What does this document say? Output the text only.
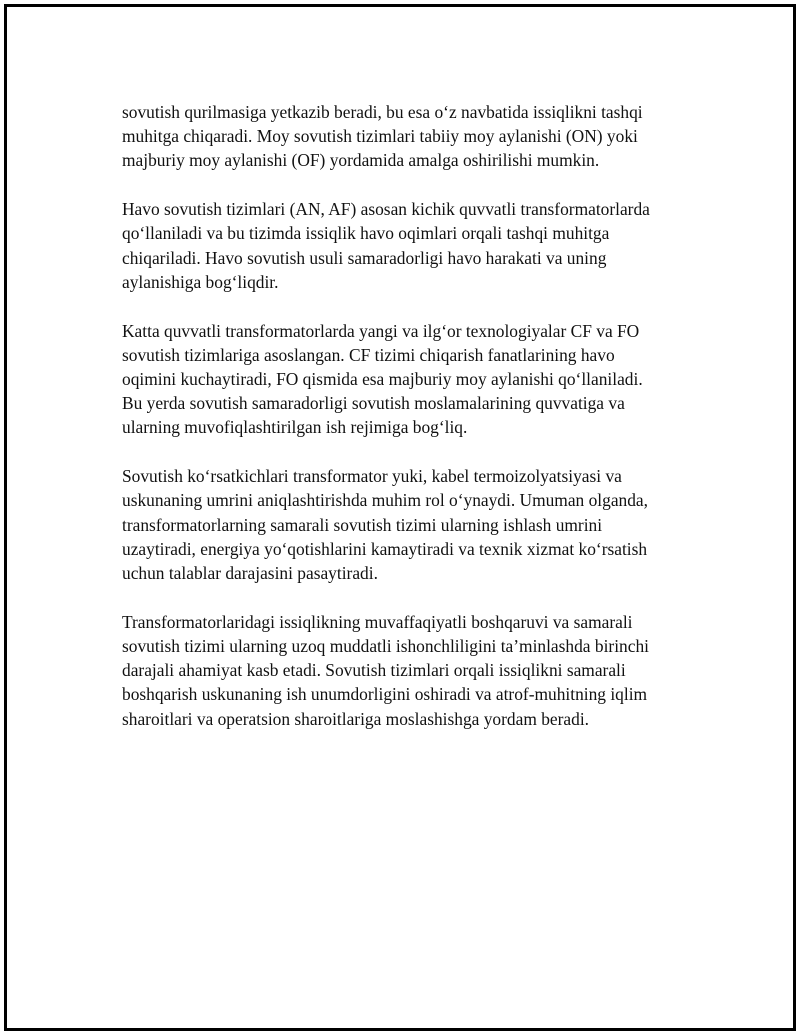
sovutish qurilmasiga yetkazib beradi, bu esa o‘z navbatida issiqlikni tashqi
muhitga chiqaradi. Moy sovutish tizimlari tabiiy moy aylanishi (ON) yoki
majburiy moy aylanishi (OF) yordamida amalga oshirilishi mumkin.

Havo sovutish tizimlari (AN, AF) asosan kichik quvvatli transformatorlarda
qo‘llaniladi va bu tizimda issiqlik havo oqimlari orqali tashqi muhitga
chiqariladi. Havo sovutish usuli samaradorligi havo harakati va uning
aylanishiga bog‘liqdir.

Katta quvvatli transformatorlarda yangi va ilg‘or texnologiyalar CF va FO
sovutish tizimlariga asoslangan. CF tizimi chiqarish fanatlarining havo
oqimini kuchaytiradi, FO qismida esa majburiy moy aylanishi qo‘llaniladi.
Bu yerda sovutish samaradorligi sovutish moslamalarining quvvatiga va
ularning muvofiqlashtirilgan ish rejimiga bog‘liq.

Sovutish ko‘rsatkichlari transformator yuki, kabel termoizolyatsiyasi va
uskunaning umrini aniqlashtirishda muhim rol o‘ynaydi. Umuman olganda,
transformatorlarning samarali sovutish tizimi ularning ishlash umrini
uzaytiradi, energiya yo‘qotishlarini kamaytiradi va texnik xizmat ko‘rsatish
uchun talablar darajasini pasaytiradi.

Transformatorlaridagi issiqlikning muvaffaqiyatli boshqaruvi va samarali
sovutish tizimi ularning uzoq muddatli ishonchliligini ta’minlashda birinchi
darajali ahamiyat kasb etadi. Sovutish tizimlari orqali issiqlikni samarali
boshqarish uskunaning ish unumdorligini oshiradi va atrof-muhitning iqlim
sharoitlari va operatsion sharoitlariga moslashishga yordam beradi.
